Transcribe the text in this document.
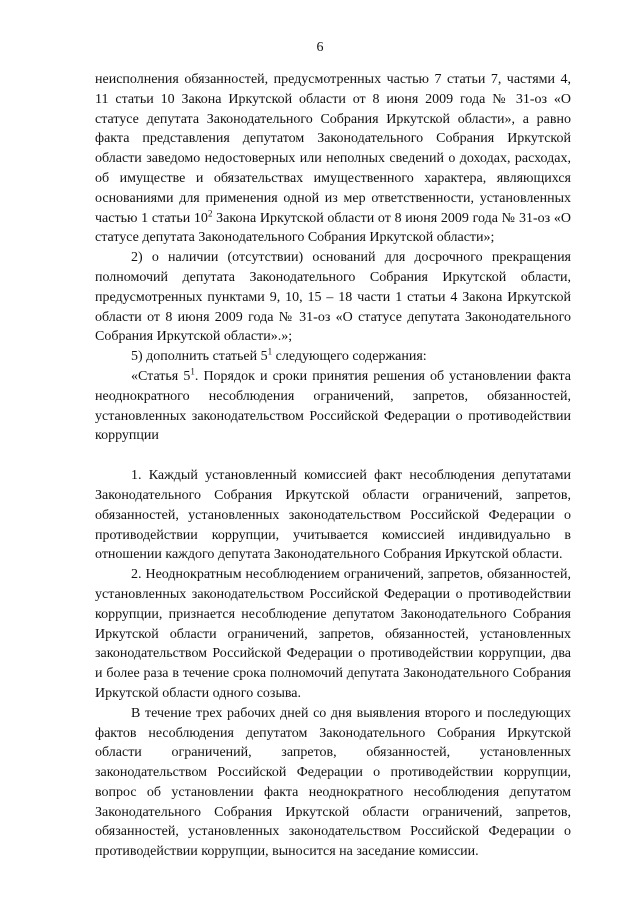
6

неисполнения обязанностей, предусмотренных частью 7 статьи 7, частями 4, 11 статьи 10 Закона Иркутской области от 8 июня 2009 года № 31-оз «О статусе депутата Законодательного Собрания Иркутской области», а равно факта представления депутатом Законодательного Собрания Иркутской области заведомо недостоверных или неполных сведений о доходах, расходах, об имуществе и обязательствах имущественного характера, являющихся основаниями для применения одной из мер ответственности, установленных частью 1 статьи $10^2$ Закона Иркутской области от 8 июня 2009 года № 31-оз «О статусе депутата Законодательного Собрания Иркутской области»;

2) о наличии (отсутствии) оснований для досрочного прекращения полномочий депутата Законодательного Собрания Иркутской области, предусмотренных пунктами 9, 10, 15 – 18 части 1 статьи 4 Закона Иркутской области от 8 июня 2009 года № 31-оз «О статусе депутата Законодательного Собрания Иркутской области».»;

5) дополнить статьей $5^1$ следующего содержания:

«Статья $5^1$. Порядок и сроки принятия решения об установлении факта неоднократного несоблюдения ограничений, запретов, обязанностей, установленных законодательством Российской Федерации о противодействии коррупции

1. Каждый установленный комиссией факт несоблюдения депутатами Законодательного Собрания Иркутской области ограничений, запретов, обязанностей, установленных законодательством Российской Федерации о противодействии коррупции, учитывается комиссией индивидуально в отношении каждого депутата Законодательного Собрания Иркутской области.

2. Неоднократным несоблюдением ограничений, запретов, обязанностей, установленных законодательством Российской Федерации о противодействии коррупции, признается несоблюдение депутатом Законодательного Собрания Иркутской области ограничений, запретов, обязанностей, установленных законодательством Российской Федерации о противодействии коррупции, два и более раза в течение срока полномочий депутата Законодательного Собрания Иркутской области одного созыва.

В течение трех рабочих дней со дня выявления второго и последующих фактов несоблюдения депутатом Законодательного Собрания Иркутской области ограничений, запретов, обязанностей, установленных законодательством Российской Федерации о противодействии коррупции, вопрос об установлении факта неоднократного несоблюдения депутатом Законодательного Собрания Иркутской области ограничений, запретов, обязанностей, установленных законодательством Российской Федерации о противодействии коррупции, выносится на заседание комиссии.
